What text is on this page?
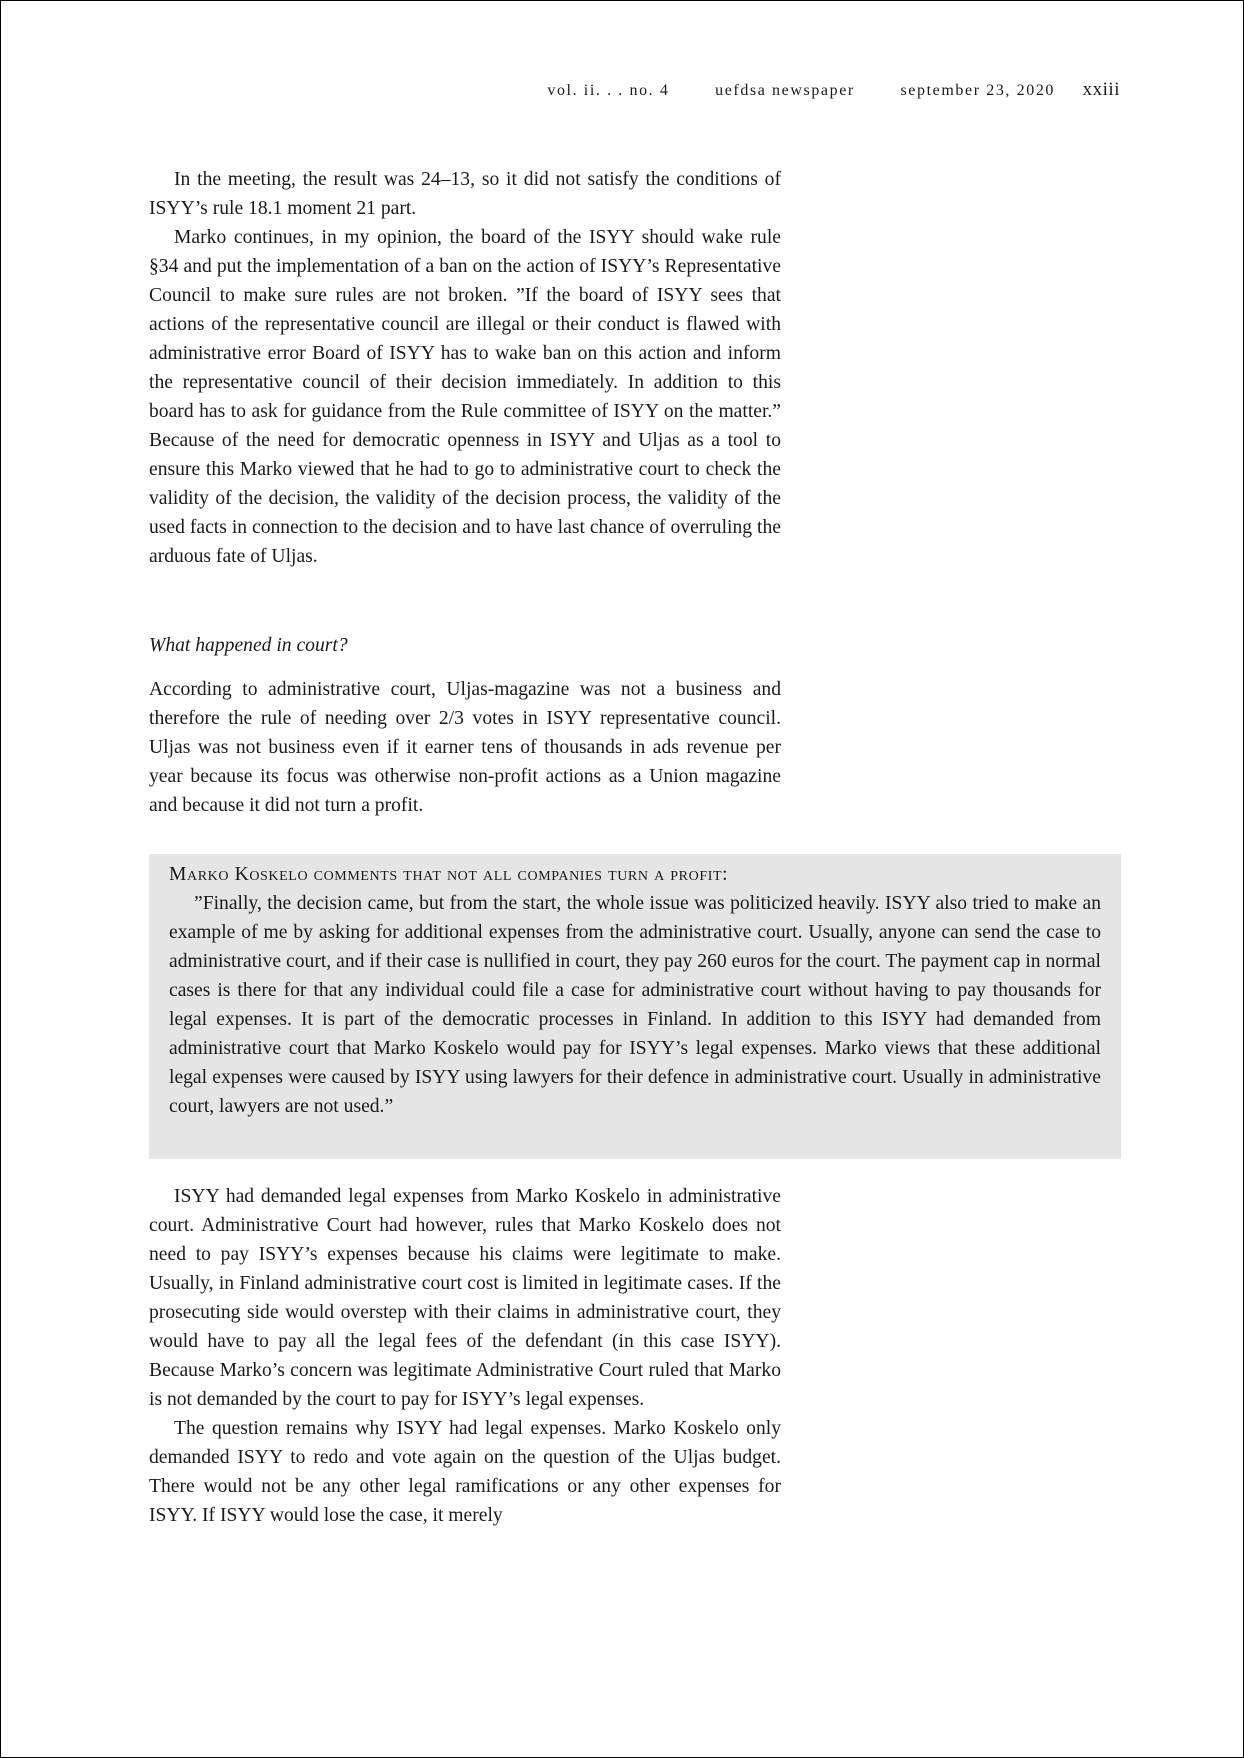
vol. ii. . . no. 4	uefdsa newspaper	september 23, 2020 xxiii

In the meeting, the result was 24–13, so it did not satisfy the conditions of ISYY’s rule 18.1 moment 21 part.

Marko continues, in my opinion, the board of the ISYY should wake rule §34 and put the implementation of a ban on the action of ISYY’s Representative Council to make sure rules are not broken. ”If the board of ISYY sees that actions of the representative council are illegal or their conduct is flawed with administrative error Board of ISYY has to wake ban on this action and inform the representative council of their decision immediately. In addition to this board has to ask for guidance from the Rule committee of ISYY on the matter.” Because of the need for democratic openness in ISYY and Uljas as a tool to ensure this Marko viewed that he had to go to administrative court to check the validity of the decision, the validity of the decision process, the validity of the used facts in connection to the decision and to have last chance of overruling the arduous fate of Uljas.

What happened in court?

According to administrative court, Uljas-magazine was not a business and therefore the rule of needing over 2/3 votes in ISYY representative council. Uljas was not business even if it earner tens of thousands in ads revenue per year because its focus was otherwise non-profit actions as a Union magazine and because it did not turn a profit.

Marko Koskelo comments that not all companies turn a profit:

”Finally, the decision came, but from the start, the whole issue was politicized heavily. ISYY also tried to make an example of me by asking for additional expenses from the administrative court. Usually, anyone can send the case to administrative court, and if their case is nullified in court, they pay 260 euros for the court. The payment cap in normal cases is there for that any individual could file a case for administrative court without having to pay thousands for legal expenses. It is part of the democratic processes in Finland. In addition to this ISYY had demanded from administrative court that Marko Koskelo would pay for ISYY’s legal expenses. Marko views that these additional legal expenses were caused by ISYY using lawyers for their defence in administrative court. Usually in administrative court, lawyers are not used.”

ISYY had demanded legal expenses from Marko Koskelo in administrative court. Administrative Court had however, rules that Marko Koskelo does not need to pay ISYY’s expenses because his claims were legitimate to make. Usually, in Finland administrative court cost is limited in legitimate cases. If the prosecuting side would overstep with their claims in administrative court, they would have to pay all the legal fees of the defendant (in this case ISYY). Because Marko’s concern was legitimate Administrative Court ruled that Marko is not demanded by the court to pay for ISYY’s legal expenses.

The question remains why ISYY had legal expenses. Marko Koskelo only demanded ISYY to redo and vote again on the question of the Uljas budget. There would not be any other legal ramifications or any other expenses for ISYY. If ISYY would lose the case, it merely
